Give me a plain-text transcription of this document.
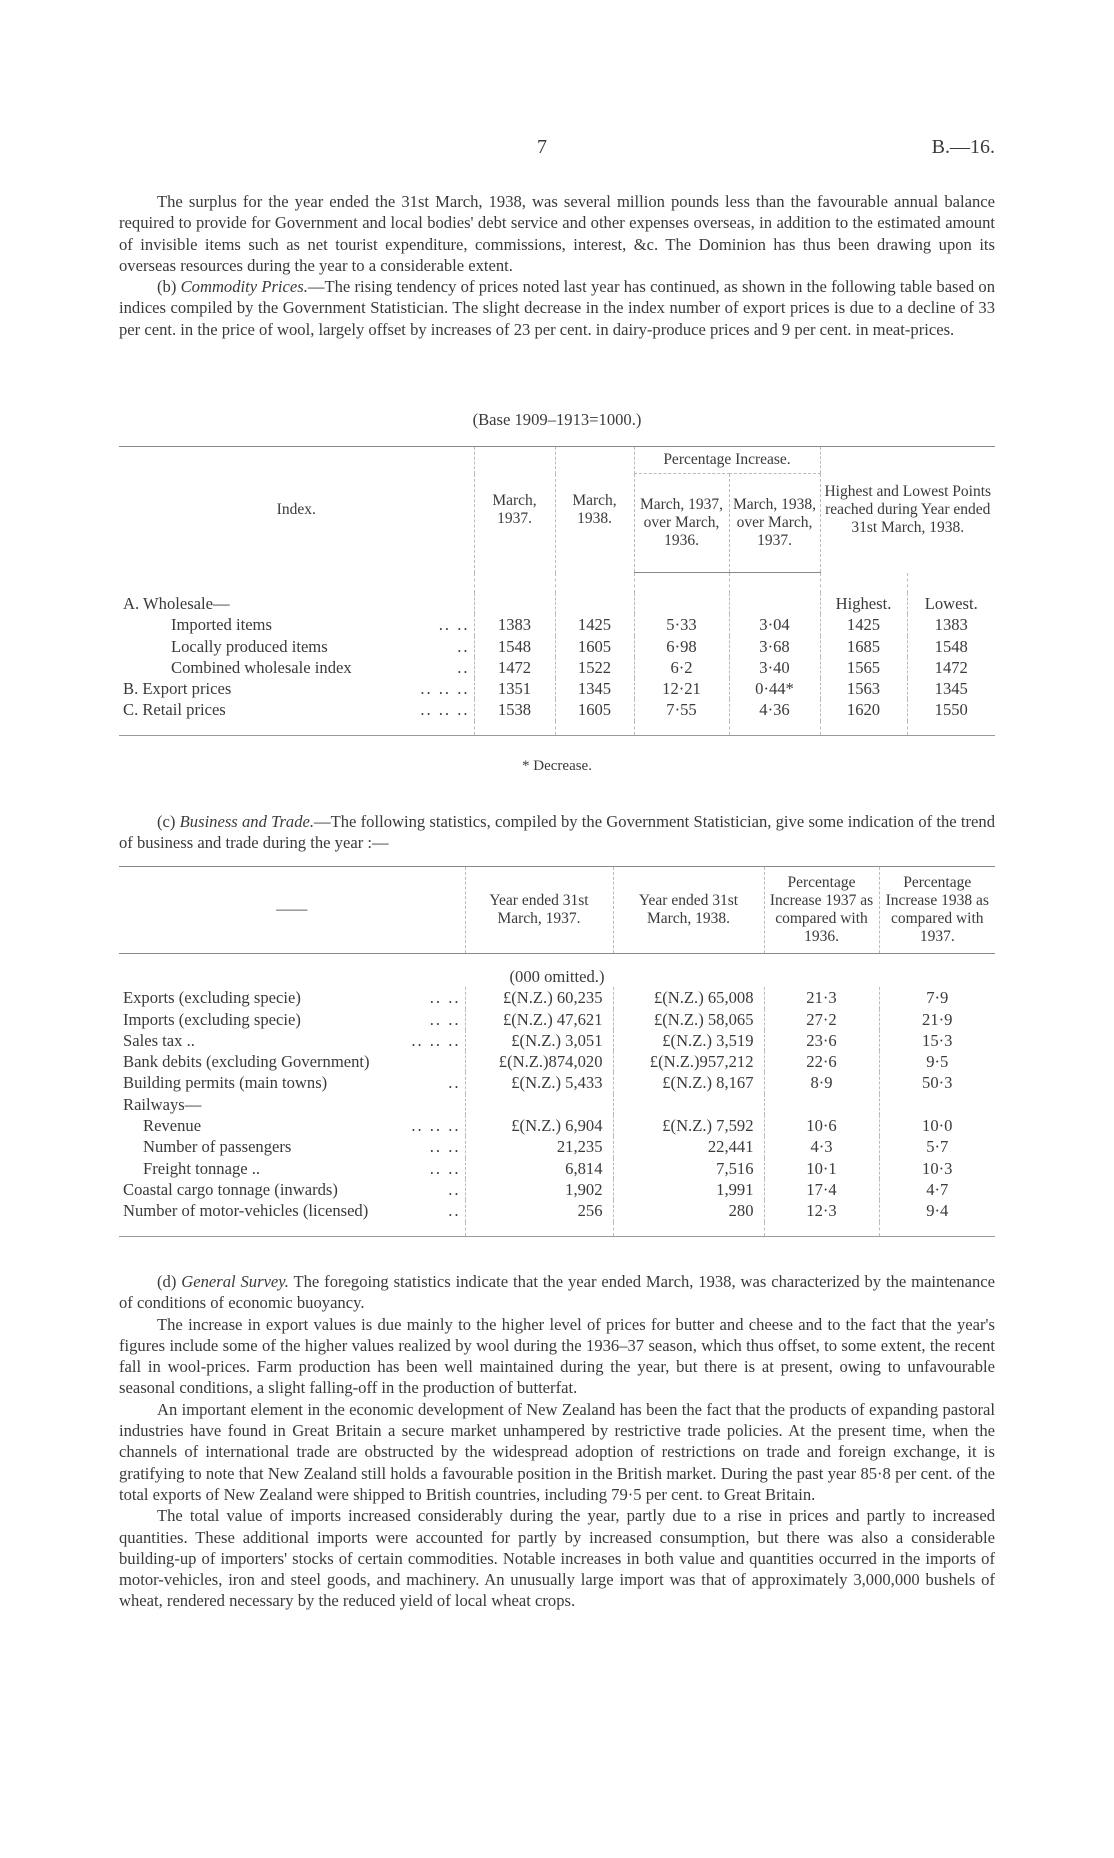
7	B.—16.

The surplus for the year ended the 31st March, 1938, was several million pounds less than the favourable annual balance required to provide for Government and local bodies' debt service and other expenses overseas, in addition to the estimated amount of invisible items such as net tourist expenditure, commissions, interest, &c. The Dominion has thus been drawing upon its overseas resources during the year to a considerable extent.

(b) Commodity Prices.—The rising tendency of prices noted last year has continued, as shown in the following table based on indices compiled by the Government Statistician. The slight decrease in the index number of export prices is due to a decline of 33 per cent. in the price of wool, largely offset by increases of 23 per cent. in dairy-produce prices and 9 per cent. in meat-prices.

(Base 1909–1913=1000.)
Index.	March, 1937.	March, 1938.	Percentage Increase.		Highest and Lowest Points reached during Year ended 31st March, 1938.	
			March, 1937, over March, 1936.	March, 1938, over March, 1937.		

A. Wholesale—					Highest.	Lowest.

.. ..
Imported items	1383	1425	5·33	3·04	1425	1383

..
Locally produced items	1548	1605	6·98	3·68	1685	1548

..
Combined wholesale index	1472	1522	6·2	3·40	1565	1472

.. .. ..
B. Export prices	1351	1345	12·21	0·44*	1563	1345

.. .. ..
C. Retail prices	1538	1605	7·55	4·36	1620	1550

* Decrease.

(c) Business and Trade.—The following statistics, compiled by the Government Statistician, give some indication of the trend of business and trade during the year :—

——	Year ended 31st March, 1937.	Year ended 31st March, 1938.	Percentage Increase 1937 as compared with 1936.	Percentage Increase 1938 as compared with 1937.
(000 omitted.)				

.. ..
Exports (excluding specie)	£(N.Z.) 60,235	£(N.Z.) 65,008	21·3	7·9

.. ..
Imports (excluding specie)	£(N.Z.) 47,621	£(N.Z.) 58,065	27·2	21·9

.. .. ..
Sales tax ..	£(N.Z.) 3,051	£(N.Z.) 3,519	23·6	15·3

Bank debits (excluding Government)	£(N.Z.)874,020	£(N.Z.)957,212	22·6	9·5

..
Building permits (main towns)	£(N.Z.) 5,433	£(N.Z.) 8,167	8·9	50·3

Railways—				

.. .. ..
Revenue	£(N.Z.) 6,904	£(N.Z.) 7,592	10·6	10·0

.. ..
Number of passengers	21,235	22,441	4·3	5·7

.. ..
Freight tonnage ..	6,814	7,516	10·1	10·3

..
Coastal cargo tonnage (inwards)	1,902	1,991	17·4	4·7

..
Number of motor-vehicles (licensed)	256	280	12·3	9·4

(d) General Survey. The foregoing statistics indicate that the year ended March, 1938, was characterized by the maintenance of conditions of economic buoyancy.

The increase in export values is due mainly to the higher level of prices for butter and cheese and to the fact that the year's figures include some of the higher values realized by wool during the 1936–37 season, which thus offset, to some extent, the recent fall in wool-prices. Farm production has been well maintained during the year, but there is at present, owing to unfavourable seasonal conditions, a slight falling-off in the production of butterfat.

An important element in the economic development of New Zealand has been the fact that the products of expanding pastoral industries have found in Great Britain a secure market unhampered by restrictive trade policies. At the present time, when the channels of international trade are obstructed by the widespread adoption of restrictions on trade and foreign exchange, it is gratifying to note that New Zealand still holds a favourable position in the British market. During the past year 85·8 per cent. of the total exports of New Zealand were shipped to British countries, including 79·5 per cent. to Great Britain.

The total value of imports increased considerably during the year, partly due to a rise in prices and partly to increased quantities. These additional imports were accounted for partly by increased consumption, but there was also a considerable building-up of importers' stocks of certain commodities. Notable increases in both value and quantities occurred in the imports of motor-vehicles, iron and steel goods, and machinery. An unusually large import was that of approximately 3,000,000 bushels of wheat, rendered necessary by the reduced yield of local wheat crops.
